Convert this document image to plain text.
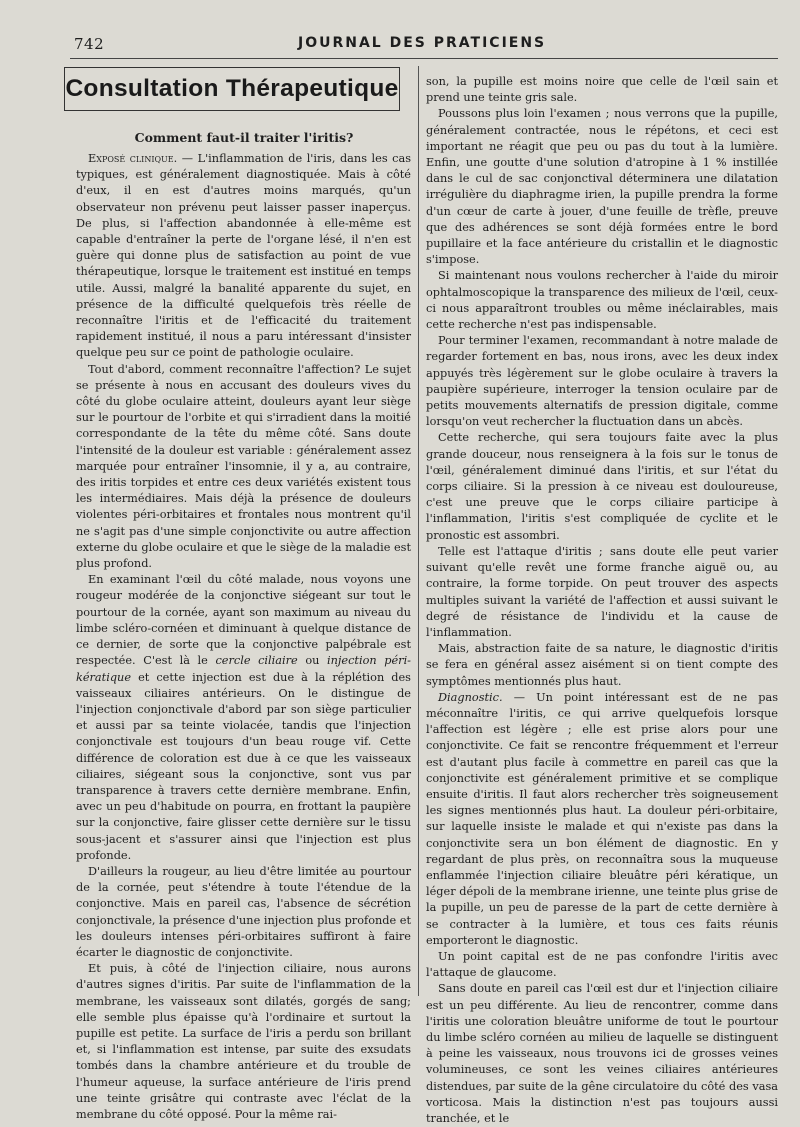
742	JOURNAL DES PRATICIENS
Consultation Thérapeutique
Comment faut-il traiter l'iritis?

Exposé clinique. — L'inflammation de l'iris, dans les cas typiques, est généralement diagnostiquée. Mais à côté d'eux, il en est d'autres moins marqués, qu'un observateur non prévenu peut laisser passer inaperçus. De plus, si l'affection abandonnée à elle-même est capable d'entraîner la perte de l'organe lésé, il n'en est guère qui donne plus de satisfaction au point de vue thérapeutique, lorsque le traitement est institué en temps utile. Aussi, malgré la banalité apparente du sujet, en présence de la difficulté quelquefois très réelle de reconnaître l'iritis et de l'efficacité du traitement rapidement institué, il nous a paru intéressant d'insister quelque peu sur ce point de pathologie oculaire.

Tout d'abord, comment reconnaître l'affection? Le sujet se présente à nous en accusant des douleurs vives du côté du globe oculaire atteint, douleurs ayant leur siège sur le pourtour de l'orbite et qui s'irradient dans la moitié correspondante de la tête du même côté. Sans doute l'intensité de la douleur est variable : généralement assez marquée pour entraîner l'insomnie, il y a, au contraire, des iritis torpides et entre ces deux variétés existent tous les intermédiaires. Mais déjà la présence de douleurs violentes péri-orbitaires et frontales nous montrent qu'il ne s'agit pas d'une simple conjonctivite ou autre affection externe du globe oculaire et que le siège de la maladie est plus profond.

En examinant l'œil du côté malade, nous voyons une rougeur modérée de la conjonctive siégeant sur tout le pourtour de la cornée, ayant son maximum au niveau du limbe scléro-cornéen et diminuant à quelque distance de ce dernier, de sorte que la conjonctive palpébrale est respectée. C'est là le cercle ciliaire ou injection péri-kératique et cette injection est due à la réplétion des vaisseaux ciliaires antérieurs. On le distingue de l'injection conjonctivale d'abord par son siège particulier et aussi par sa teinte violacée, tandis que l'injection conjonctivale est toujours d'un beau rouge vif. Cette différence de coloration est due à ce que les vaisseaux ciliaires, siégeant sous la conjonctive, sont vus par transparence à travers cette dernière membrane. Enfin, avec un peu d'habitude on pourra, en frottant la paupière sur la conjonctive, faire glisser cette dernière sur le tissu sous-jacent et s'assurer ainsi que l'injection est plus profonde.

D'ailleurs la rougeur, au lieu d'être limitée au pourtour de la cornée, peut s'étendre à toute l'étendue de la conjonctive. Mais en pareil cas, l'absence de sécrétion conjonctivale, la présence d'une injection plus profonde et les douleurs intenses péri-orbitaires suffiront à faire écarter le diagnostic de conjonctivite.

Et puis, à côté de l'injection ciliaire, nous aurons d'autres signes d'iritis. Par suite de l'inflammation de la membrane, les vaisseaux sont dilatés, gorgés de sang; elle semble plus épaisse qu'à l'ordinaire et surtout la pupille est petite. La surface de l'iris a perdu son brillant et, si l'inflammation est intense, par suite des exsudats tombés dans la chambre antérieure et du trouble de l'humeur aqueuse, la surface antérieure de l'iris prend une teinte grisâtre qui contraste avec l'éclat de la membrane du côté opposé. Pour la même rai-

son, la pupille est moins noire que celle de l'œil sain et prend une teinte gris sale.

Poussons plus loin l'examen ; nous verrons que la pupille, généralement contractée, nous le répétons, et ceci est important ne réagit que peu ou pas du tout à la lumière. Enfin, une goutte d'une solution d'atropine à 1 % instillée dans le cul de sac conjonctival déterminera une dilatation irrégulière du diaphragme irien, la pupille prendra la forme d'un cœur de carte à jouer, d'une feuille de trèfle, preuve que des adhérences se sont déjà formées entre le bord pupillaire et la face antérieure du cristallin et le diagnostic s'impose.

Si maintenant nous voulons rechercher à l'aide du miroir ophtalmoscopique la transparence des milieux de l'œil, ceux-ci nous apparaîtront troubles ou même inéclairables, mais cette recherche n'est pas indispensable.

Pour terminer l'examen, recommandant à notre malade de regarder fortement en bas, nous irons, avec les deux index appuyés très légèrement sur le globe oculaire à travers la paupière supérieure, interroger la tension oculaire par de petits mouvements alternatifs de pression digitale, comme lorsqu'on veut rechercher la fluctuation dans un abcès.

Cette recherche, qui sera toujours faite avec la plus grande douceur, nous renseignera à la fois sur le tonus de l'œil, généralement diminué dans l'iritis, et sur l'état du corps ciliaire. Si la pression à ce niveau est douloureuse, c'est une preuve que le corps ciliaire participe à l'inflammation, l'iritis s'est compliquée de cyclite et le pronostic est assombri.

Telle est l'attaque d'iritis ; sans doute elle peut varier suivant qu'elle revêt une forme franche aiguë ou, au contraire, la forme torpide. On peut trouver des aspects multiples suivant la variété de l'affection et aussi suivant le degré de résistance de l'individu et la cause de l'inflammation.

Mais, abstraction faite de sa nature, le diagnostic d'iritis se fera en général assez aisément si on tient compte des symptômes mentionnés plus haut.

Diagnostic. — Un point intéressant est de ne pas méconnaître l'iritis, ce qui arrive quelquefois lorsque l'affection est légère ; elle est prise alors pour une conjonctivite. Ce fait se rencontre fréquemment et l'erreur est d'autant plus facile à commettre en pareil cas que la conjonctivite est généralement primitive et se complique ensuite d'iritis. Il faut alors rechercher très soigneusement les signes mentionnés plus haut. La douleur péri-orbitaire, sur laquelle insiste le malade et qui n'existe pas dans la conjonctivite sera un bon élément de diagnostic. En y regardant de plus près, on reconnaîtra sous la muqueuse enflammée l'injection ciliaire bleuâtre péri kératique, un léger dépoli de la membrane irienne, une teinte plus grise de la pupille, un peu de paresse de la part de cette dernière à se contracter à la lumière, et tous ces faits réunis emporteront le diagnostic.

Un point capital est de ne pas confondre l'iritis avec l'attaque de glaucome.

Sans doute en pareil cas l'œil est dur et l'injection ciliaire est un peu différente. Au lieu de rencontrer, comme dans l'iritis une coloration bleuâtre uniforme de tout le pourtour du limbe scléro cornéen au milieu de laquelle se distinguent à peine les vaisseaux, nous trouvons ici de grosses veines volumineuses, ce sont les veines ciliaires antérieures distendues, par suite de la gêne circulatoire du côté des vasa vorticosa. Mais la distinction n'est pas toujours aussi tranchée, et le
